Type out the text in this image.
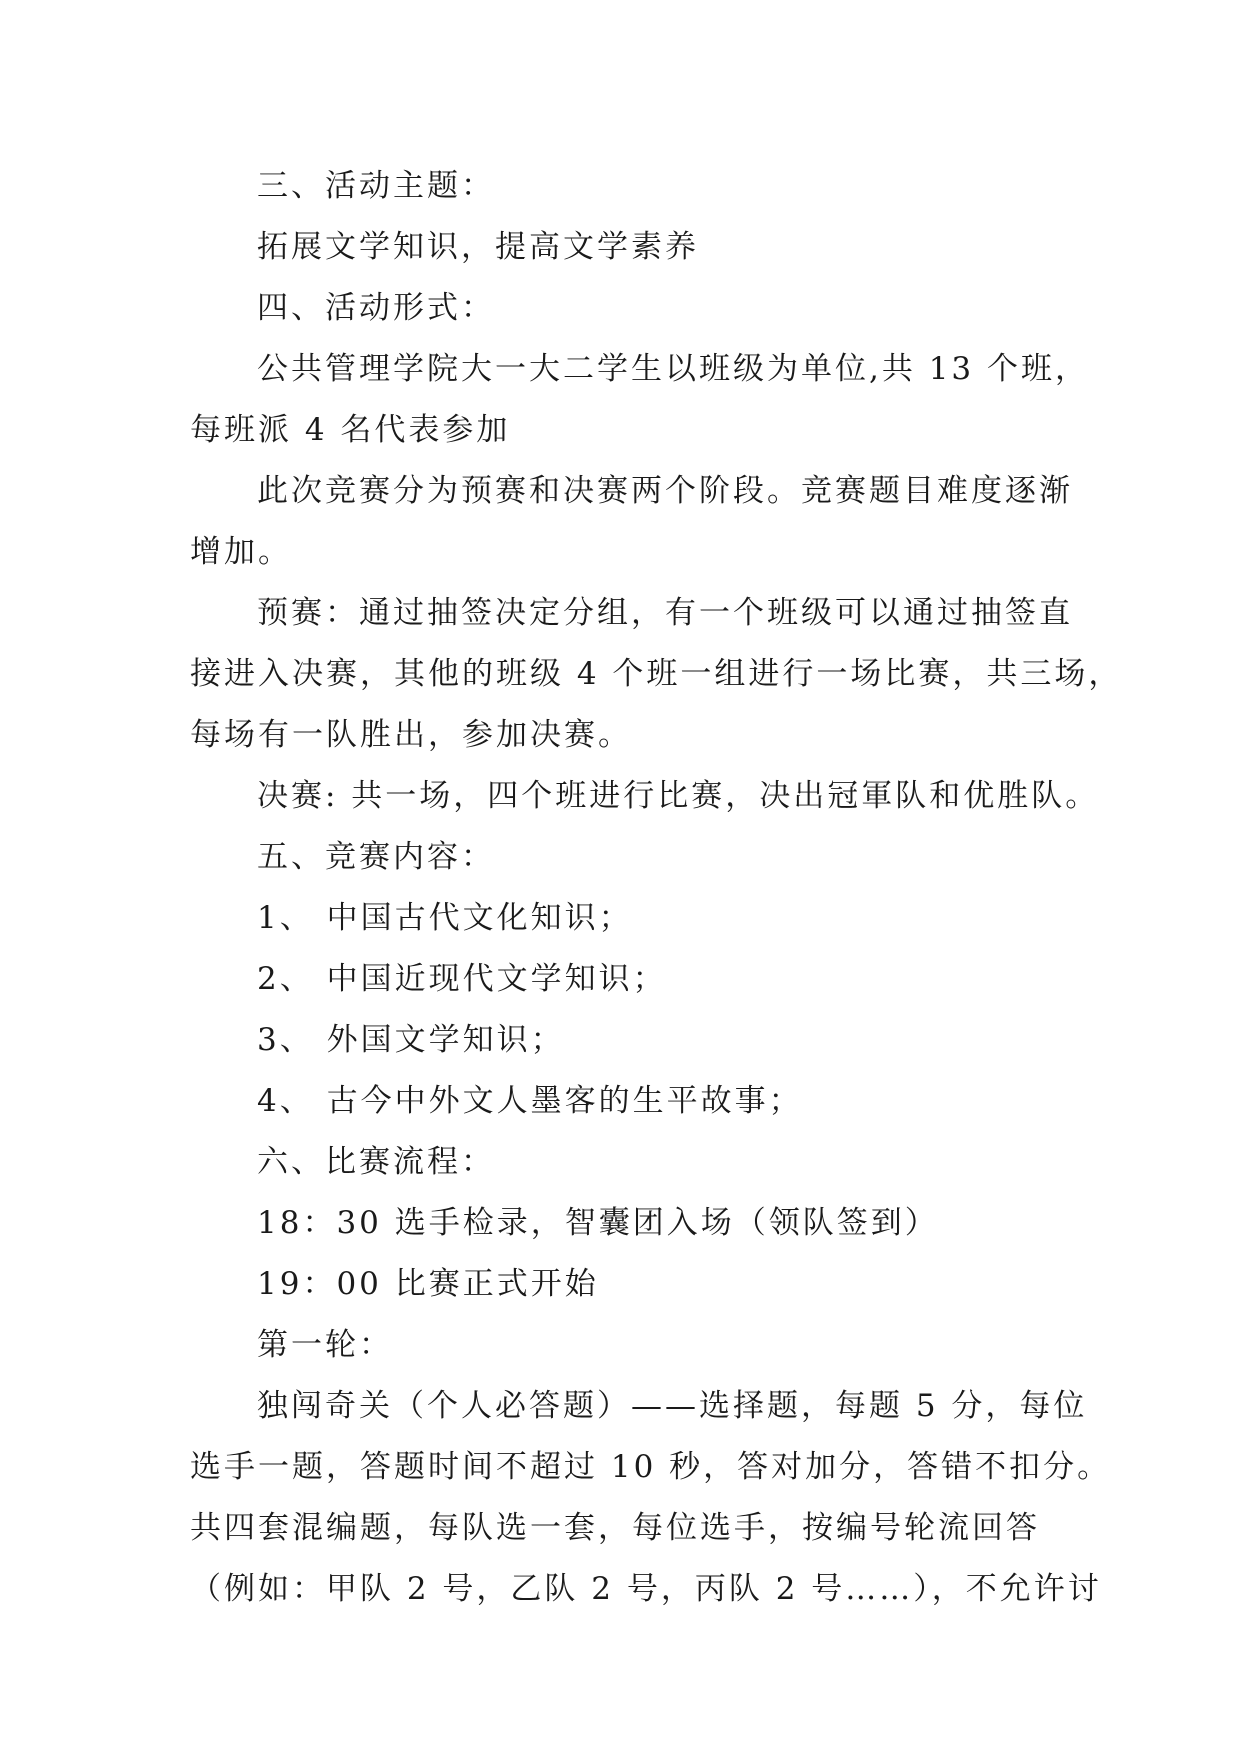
三、活动主题：
拓展文学知识，提高文学素养
四、活动形式：
公共管理学院大一大二学生以班级为单位,共 13 个班，
每班派 4 名代表参加
此次竞赛分为预赛和决赛两个阶段。竞赛题目难度逐渐
增加。
预赛：通过抽签决定分组，有一个班级可以通过抽签直
接进入决赛，其他的班级 4 个班一组进行一场比赛，共三场，
每场有一队胜出，参加决赛。
决赛: 共一场，四个班进行比赛，决出冠軍队和优胜队。
五、竞赛内容：
1、 中国古代文化知识；
2、 中国近现代文学知识；
3、 外国文学知识；
4、 古今中外文人墨客的生平故事；
六、比赛流程：
18：30 选手检录，智囊团入场（领队签到）
19：00 比赛正式开始
第一轮：
独闯奇关（个人必答题）——选择题，每题 5 分，每位
选手一题，答题时间不超过 10 秒，答对加分，答错不扣分。
共四套混编题，每队选一套，每位选手，按编号轮流回答
（例如：甲队 2 号，乙队 2 号，丙队 2 号……），不允许讨
